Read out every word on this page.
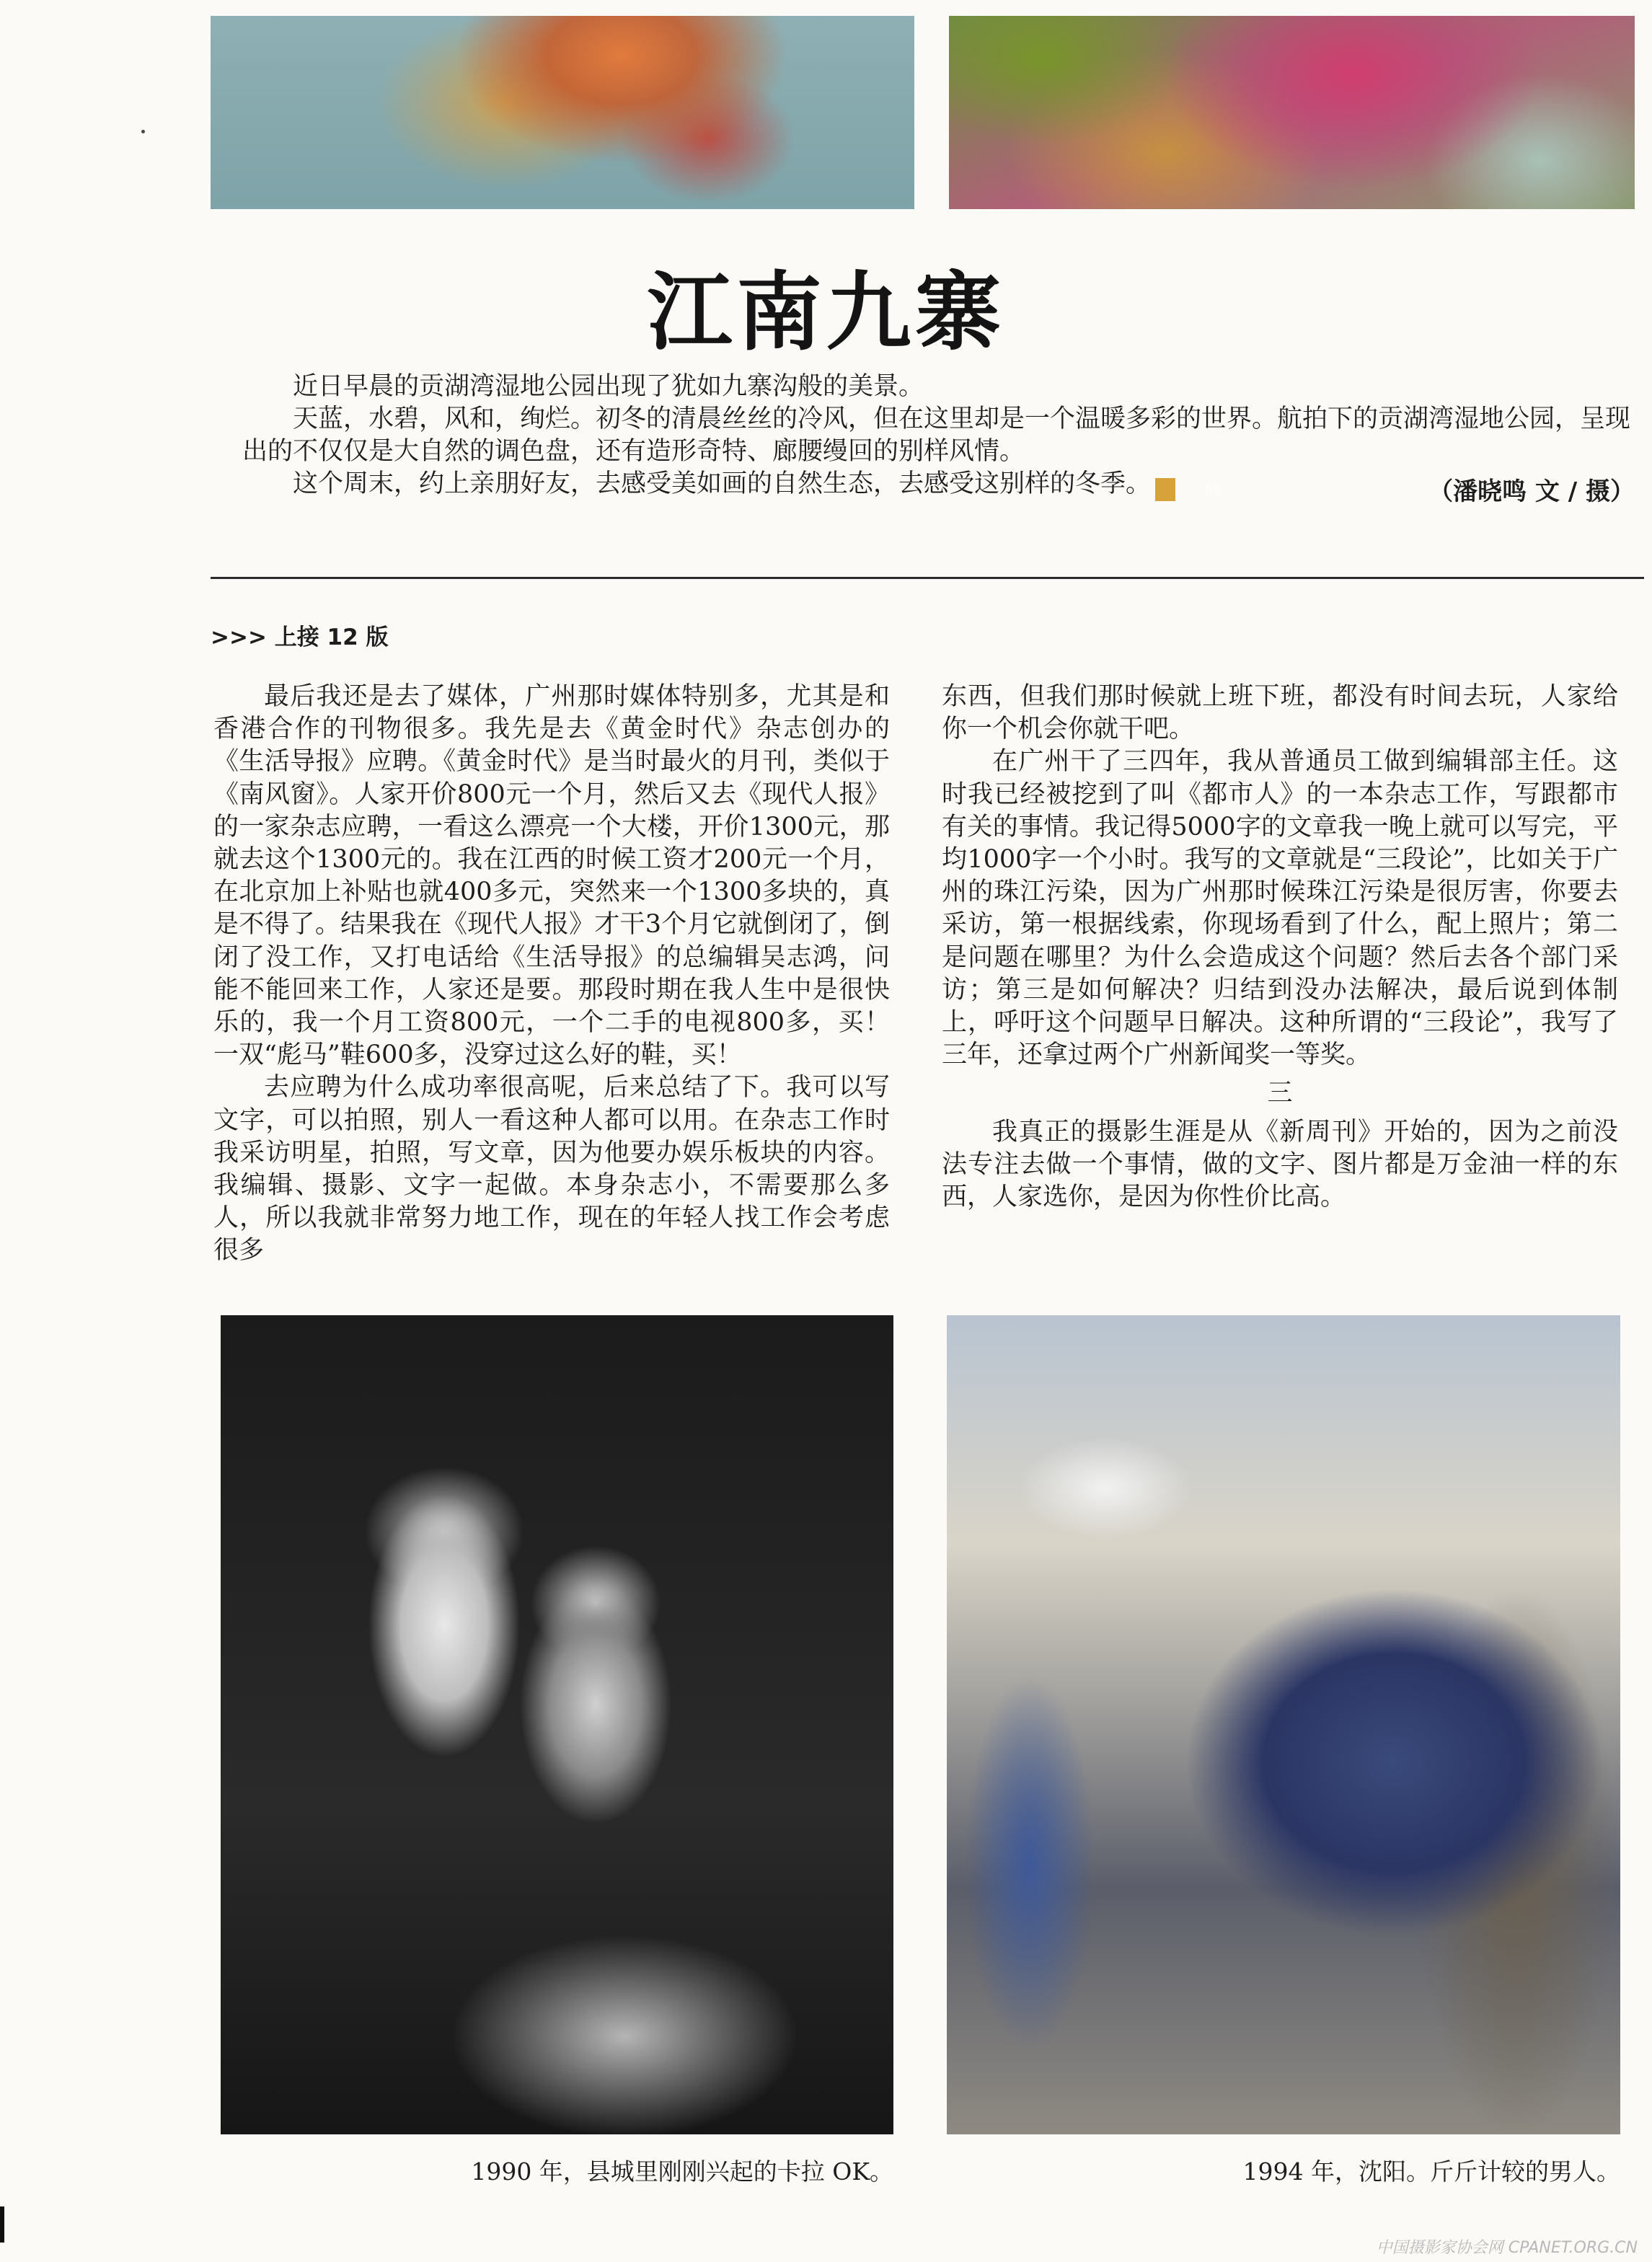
江南九寨

近日早晨的贡湖湾湿地公园出现了犹如九寨沟般的美景。

天蓝，水碧，风和，绚烂。初冬的清晨丝丝的冷风，但在这里却是一个温暖多彩的世界。航拍下的贡湖湾湿地公园，呈现出的不仅仅是大自然的调色盘，还有造形奇特、廊腰缦回的别样风情。

这个周末，约上亲朋好友，去感受美如画的自然生态，去感受这别样的冬季。	映	（潘晓鸣 文 / 摄）
>>> 上接 12 版

最后我还是去了媒体，广州那时媒体特别多，尤其是和香港合作的刊物很多。我先是去《黄金时代》杂志创办的《生活导报》应聘。《黄金时代》是当时最火的月刊，类似于《南风窗》。人家开价800元一个月，然后又去《现代人报》的一家杂志应聘，一看这么漂亮一个大楼，开价1300元，那就去这个1300元的。我在江西的时候工资才200元一个月，在北京加上补贴也就400多元，突然来一个1300多块的，真是不得了。结果我在《现代人报》才干3个月它就倒闭了，倒闭了没工作，又打电话给《生活导报》的总编辑吴志鸿，问能不能回来工作，人家还是要。那段时期在我人生中是很快乐的，我一个月工资800元，一个二手的电视800多，买！一双“彪马”鞋600多，没穿过这么好的鞋，买！

去应聘为什么成功率很高呢，后来总结了下。我可以写文字，可以拍照，别人一看这种人都可以用。在杂志工作时我采访明星，拍照，写文章，因为他要办娱乐板块的内容。我编辑、摄影、文字一起做。本身杂志小，不需要那么多人，所以我就非常努力地工作，现在的年轻人找工作会考虑很多

东西，但我们那时候就上班下班，都没有时间去玩，人家给你一个机会你就干吧。

在广州干了三四年，我从普通员工做到编辑部主任。这时我已经被挖到了叫《都市人》的一本杂志工作，写跟都市有关的事情。我记得5000字的文章我一晚上就可以写完，平均1000字一个小时。我写的文章就是“三段论”，比如关于广州的珠江污染，因为广州那时候珠江污染是很厉害，你要去采访，第一根据线索，你现场看到了什么，配上照片；第二是问题在哪里？为什么会造成这个问题？然后去各个部门采访；第三是如何解决？归结到没办法解决，最后说到体制上，呼吁这个问题早日解决。这种所谓的“三段论”，我写了三年，还拿过两个广州新闻奖一等奖。

三

我真正的摄影生涯是从《新周刊》开始的，因为之前没法专注去做一个事情，做的文字、图片都是万金油一样的东西，人家选你，是因为你性价比高。

1990 年，县城里刚刚兴起的卡拉 OK。	1994 年，沈阳。斤斤计较的男人。
中国摄影家协会网 CPANET.ORG.CN
